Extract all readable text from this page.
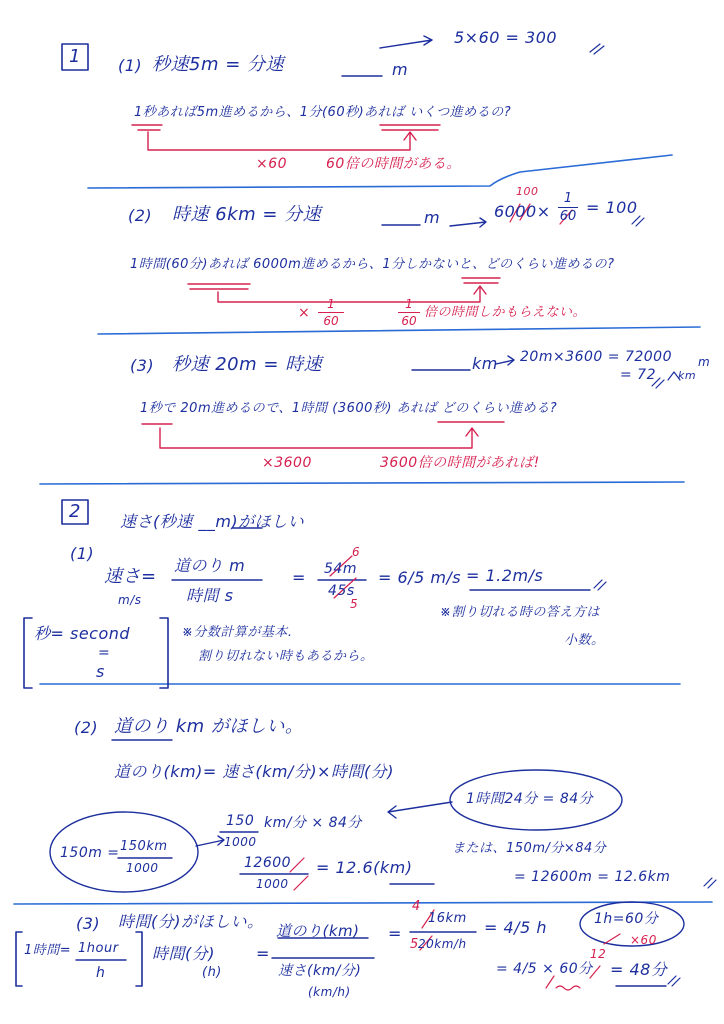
1 (1) 秒速5m = 分速	m
5×60 = 300
1秒あれば5m進めるから、1分(60秒)あれば いくつ進めるの?
×60	60倍の時間がある。
(2) 時速 6km = 分速	m
100
$6000\times \frac{1}{60} = 100$
1時間(60分)あれば 6000m進めるから、1分しかないと、どのくらい進めるの?
× $\frac{1}{60}$	$\frac{1}{60}$ 倍の時間しかもらえない。
(3) 秒速 20m = 時速	km 20m×3600 = 72000 m
= 72 km
1秒で 20m進めるので、1時間 (3600秒) あれば どのくらい進める?
×3600	3600倍の時間があれば!
2 速さ(秒速 __m)がほしい
(1)
速さ=
m/s
道のり m
時間 s
= 54m
6
45s
5
= 6/5 m/s = 1.2m/s
秒= second
=
s
※分数計算が基本.
割り切れない時もあるから。
※割り切れる時の答え方は
小数。
(2) 道のり km がほしい。
道のり(km)= 速さ(km/分)×時間(分)
150
1000
km/分 × 84分
12600
1000
= 12.6(km)
1時間24分 = 84分
150m = 150km
1000
または、150m/分×84分
= 12600m = 12.6km
(3) 時間(分)がほしい。
1時間= 1hour
h
時間(分)
(h)
=
道のり(km)
速さ(km/分)
(km/h)
=
4
16km
5 20km/h
= 4/5 h
= 4/5 × 60分
12
= 48分
1h=60分
×60
